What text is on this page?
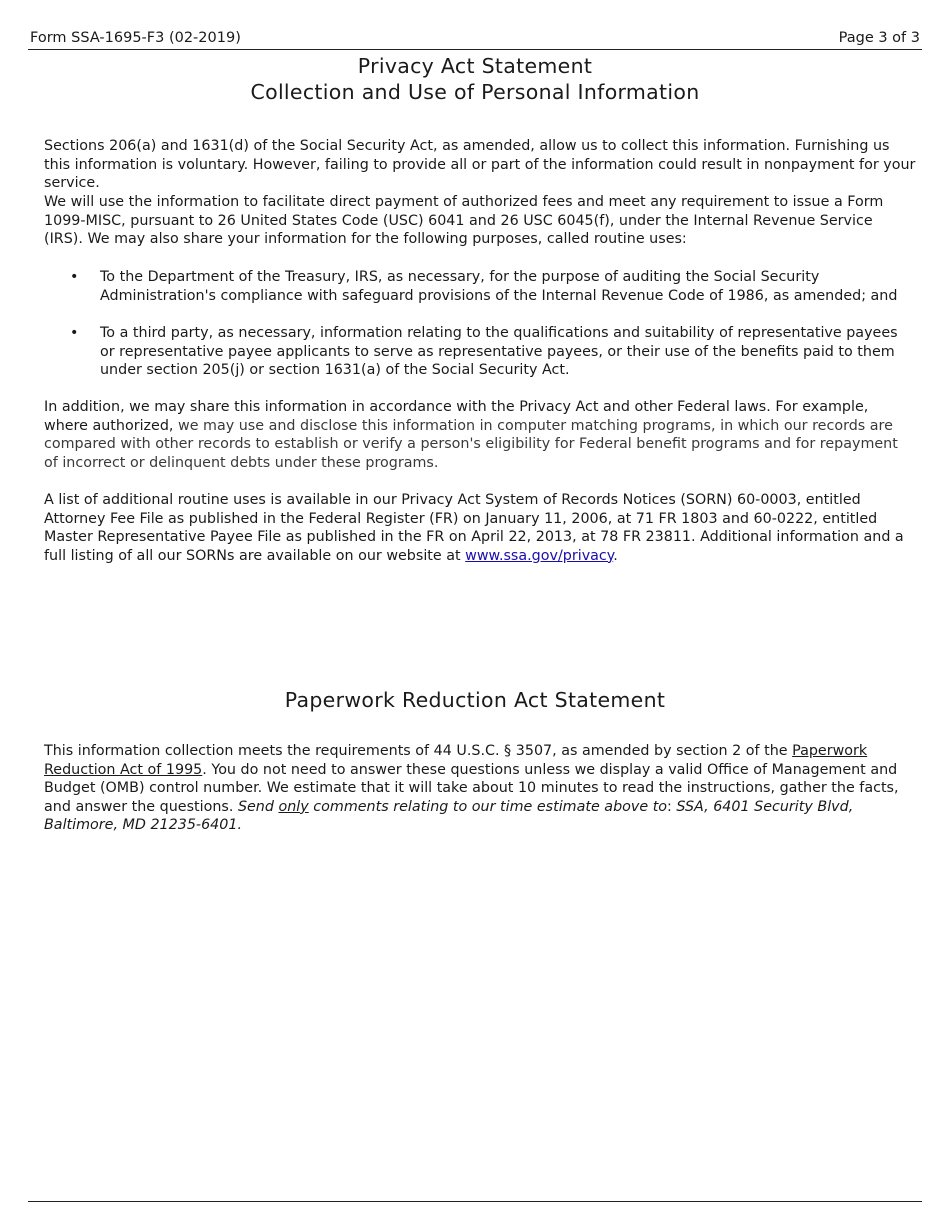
Form SSA-1695-F3 (02-2019)	Page 3 of 3
Privacy Act Statement
Collection and Use of Personal Information

Sections 206(a) and 1631(d) of the Social Security Act, as amended, allow us to collect this information. Furnishing us this information is voluntary. However, failing to provide all or part of the information could result in nonpayment for your service.

We will use the information to facilitate direct payment of authorized fees and meet any requirement to issue a Form 1099-MISC, pursuant to 26 United States Code (USC) 6041 and 26 USC 6045(f), under the Internal Revenue Service (IRS). We may also share your information for the following purposes, called routine uses:

• To the Department of the Treasury, IRS, as necessary, for the purpose of auditing the Social Security Administration's compliance with safeguard provisions of the Internal Revenue Code of 1986, as amended; and
• To a third party, as necessary, information relating to the qualifications and suitability of representative payees or representative payee applicants to serve as representative payees, or their use of the benefits paid to them under section 205(j) or section 1631(a) of the Social Security Act.

In addition, we may share this information in accordance with the Privacy Act and other Federal laws. For example, where authorized, we may use and disclose this information in computer matching programs, in which our records are compared with other records to establish or verify a person's eligibility for Federal benefit programs and for repayment of incorrect or delinquent debts under these programs.

A list of additional routine uses is available in our Privacy Act System of Records Notices (SORN) 60-0003, entitled Attorney Fee File as published in the Federal Register (FR) on January 11, 2006, at 71 FR 1803 and 60-0222, entitled Master Representative Payee File as published in the FR on April 22, 2013, at 78 FR 23811. Additional information and a full listing of all our SORNs are available on our website at www.ssa.gov/privacy.

Paperwork Reduction Act Statement

This information collection meets the requirements of 44 U.S.C. § 3507, as amended by section 2 of the Paperwork Reduction Act of 1995. You do not need to answer these questions unless we display a valid Office of Management and Budget (OMB) control number. We estimate that it will take about 10 minutes to read the instructions, gather the facts, and answer the questions. Send only comments relating to our time estimate above to: SSA, 6401 Security Blvd, Baltimore, MD 21235-6401.
